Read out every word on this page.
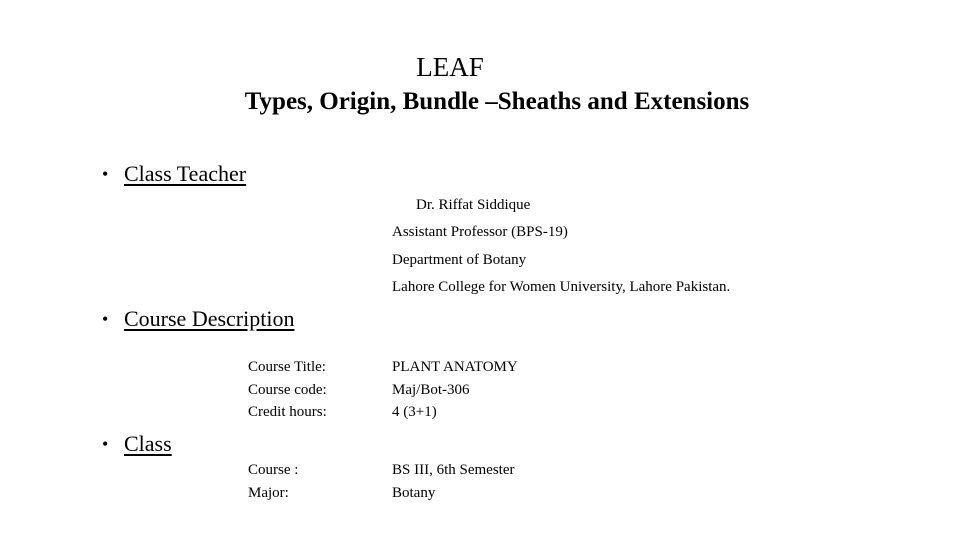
LEAF
Types, Origin, Bundle –Sheaths and Extensions
• Class Teacher
Dr. Riffat Siddique
Assistant Professor (BPS-19)
Department of Botany
Lahore College for Women University, Lahore Pakistan.
• Course Description
Course Title:	PLANT ANATOMY
Course code:	Maj/Bot-306
Credit hours:	4 (3+1)
• Class
Course :	BS III, 6th Semester
Major:	Botany
